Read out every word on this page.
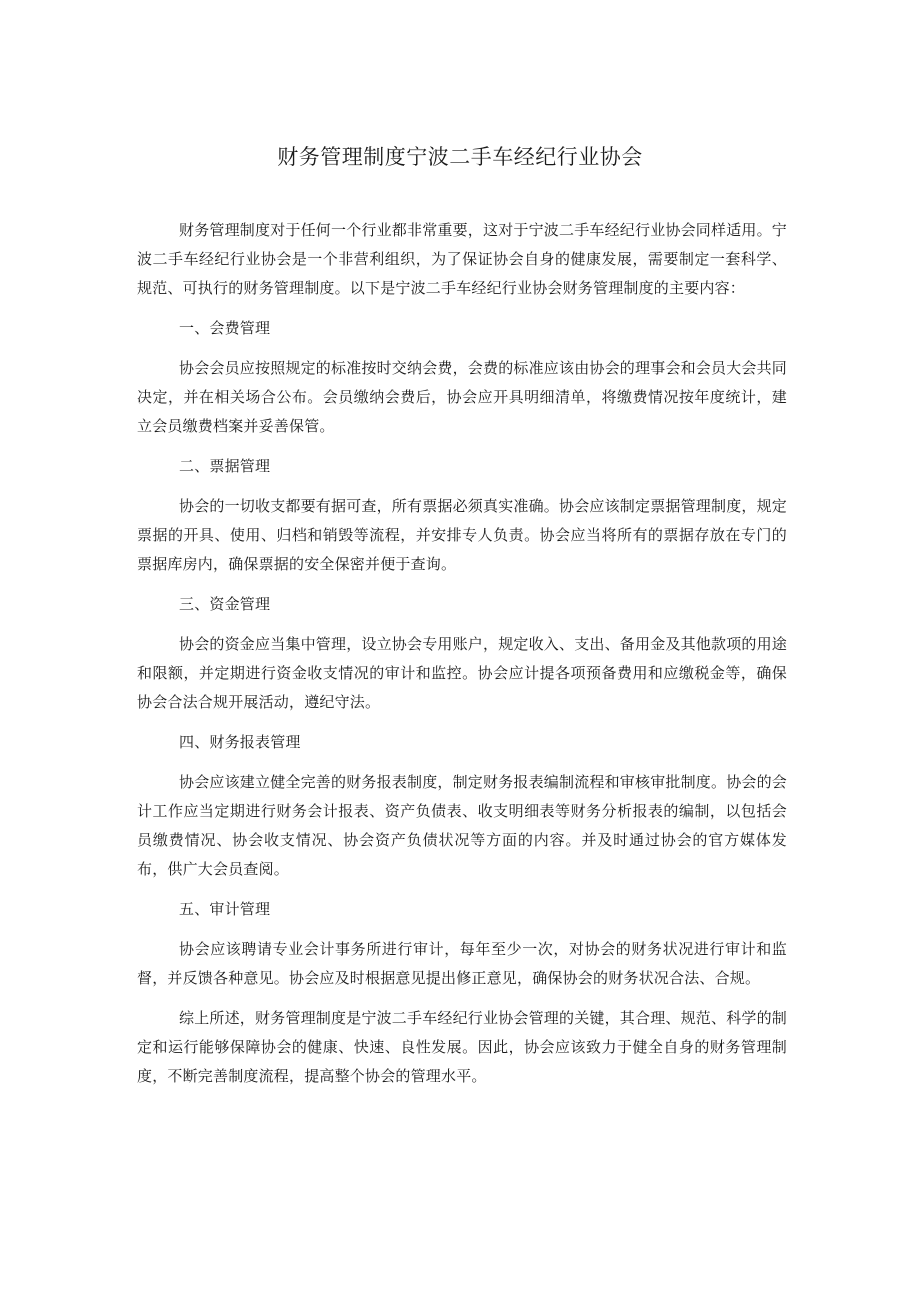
财务管理制度宁波二手车经纪行业协会

财务管理制度对于任何一个行业都非常重要，这对于宁波二手车经纪行业协会同样适用。宁波二手车经纪行业协会是一个非营利组织，为了保证协会自身的健康发展，需要制定一套科学、规范、可执行的财务管理制度。以下是宁波二手车经纪行业协会财务管理制度的主要内容：

一、会费管理

协会会员应按照规定的标准按时交纳会费，会费的标准应该由协会的理事会和会员大会共同决定，并在相关场合公布。会员缴纳会费后，协会应开具明细清单，将缴费情况按年度统计，建立会员缴费档案并妥善保管。

二、票据管理

协会的一切收支都要有据可查，所有票据必须真实准确。协会应该制定票据管理制度，规定票据的开具、使用、归档和销毁等流程，并安排专人负责。协会应当将所有的票据存放在专门的票据库房内，确保票据的安全保密并便于查询。

三、资金管理

协会的资金应当集中管理，设立协会专用账户，规定收入、支出、备用金及其他款项的用途和限额，并定期进行资金收支情况的审计和监控。协会应计提各项预备费用和应缴税金等，确保协会合法合规开展活动，遵纪守法。

四、财务报表管理

协会应该建立健全完善的财务报表制度，制定财务报表编制流程和审核审批制度。协会的会计工作应当定期进行财务会计报表、资产负债表、收支明细表等财务分析报表的编制，以包括会员缴费情况、协会收支情况、协会资产负债状况等方面的内容。并及时通过协会的官方媒体发布，供广大会员查阅。

五、审计管理

协会应该聘请专业会计事务所进行审计，每年至少一次，对协会的财务状况进行审计和监督，并反馈各种意见。协会应及时根据意见提出修正意见，确保协会的财务状况合法、合规。

综上所述，财务管理制度是宁波二手车经纪行业协会管理的关键，其合理、规范、科学的制定和运行能够保障协会的健康、快速、良性发展。因此，协会应该致力于健全自身的财务管理制度，不断完善制度流程，提高整个协会的管理水平。
